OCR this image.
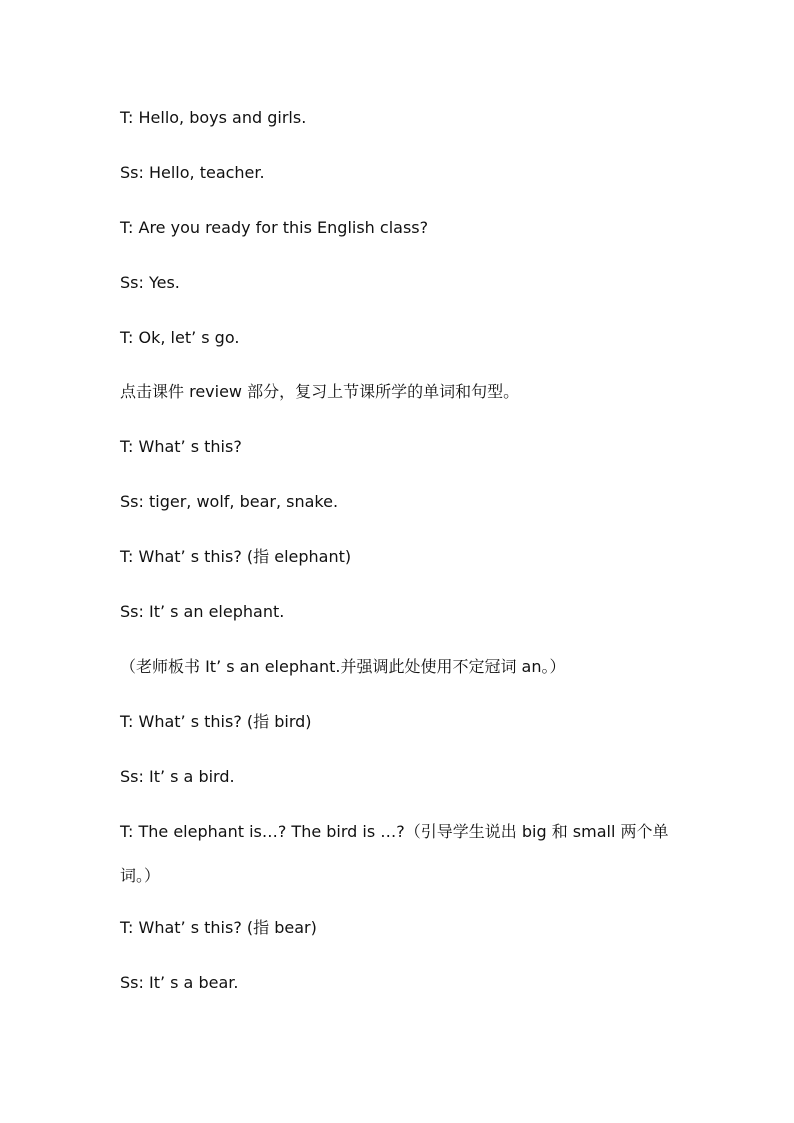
T: Hello, boys and girls.
Ss: Hello, teacher.
T: Are you ready for this English class?
Ss: Yes.
T: Ok, let’ s go.
点击课件 review 部分，复习上节课所学的单词和句型。
T: What’ s this?
Ss: tiger, wolf, bear, snake.
T: What’ s this? (指 elephant)
Ss: It’ s an elephant.
（老师板书 It’ s an elephant.并强调此处使用不定冠词 an。）
T: What’ s this? (指 bird)
Ss: It’ s a bird.
T: The elephant is…? The bird is …?（引导学生说出 big 和 small 两个单词。）
T: What’ s this? (指 bear)
Ss: It’ s a bear.
